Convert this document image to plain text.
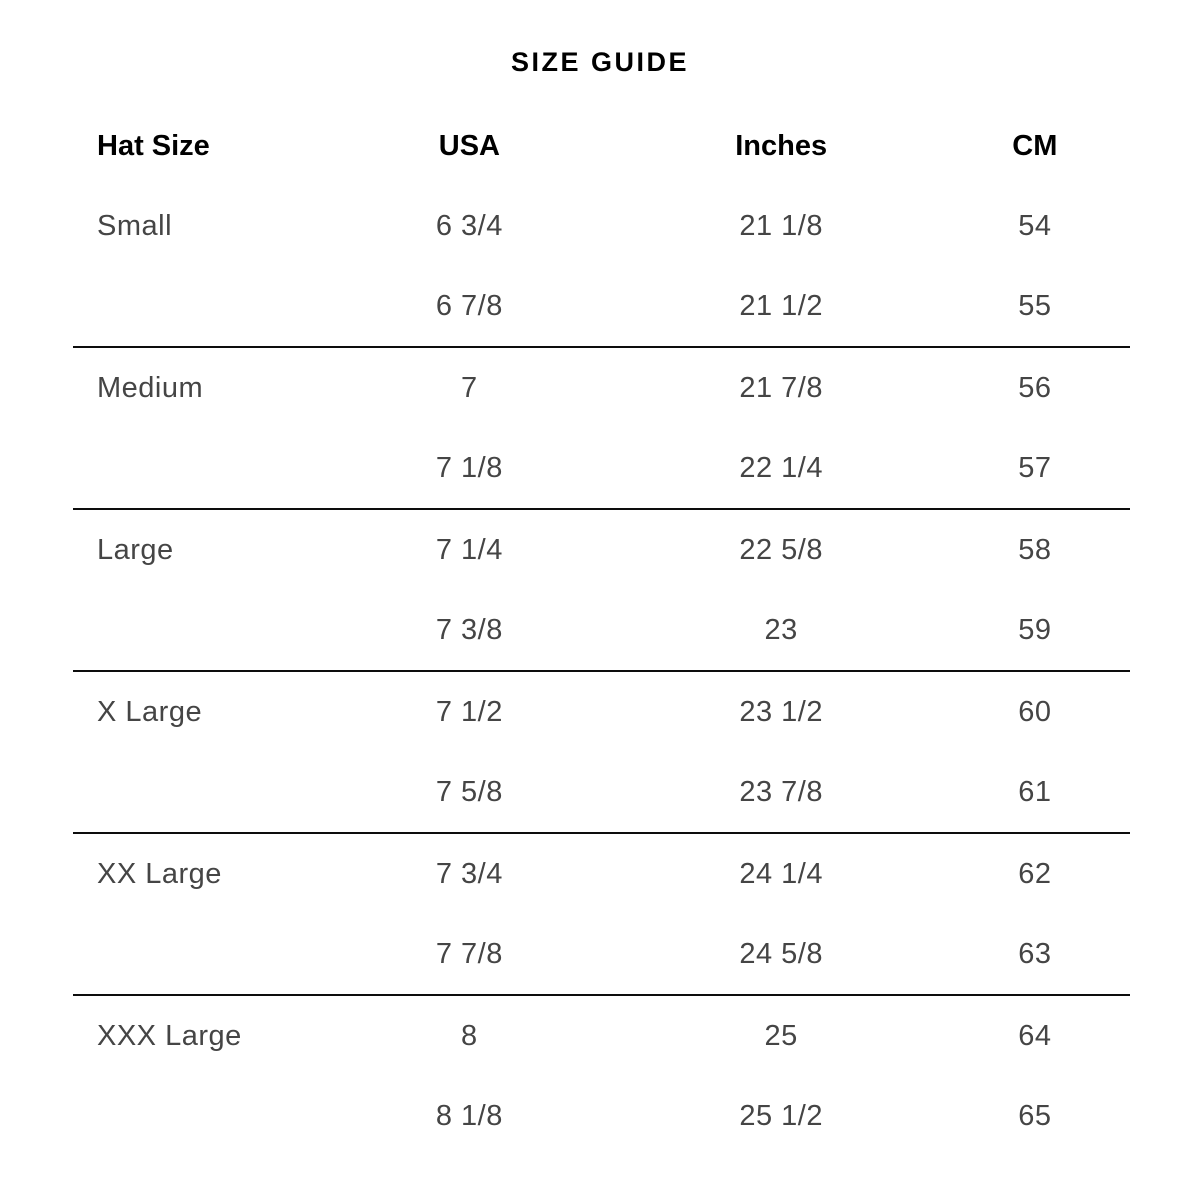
SIZE GUIDE
Hat Size	USA	Inches	CM
Small	6 3/4	21 1/8	54
	6 7/8	21 1/2	55
Medium	7	21 7/8	56
	7 1/8	22 1/4	57
Large	7 1/4	22 5/8	58
	7 3/8	23	59
X Large	7 1/2	23 1/2	60
	7 5/8	23 7/8	61
XX Large	7 3/4	24 1/4	62
	7 7/8	24 5/8	63
XXX Large	8	25	64
	8 1/8	25 1/2	65
